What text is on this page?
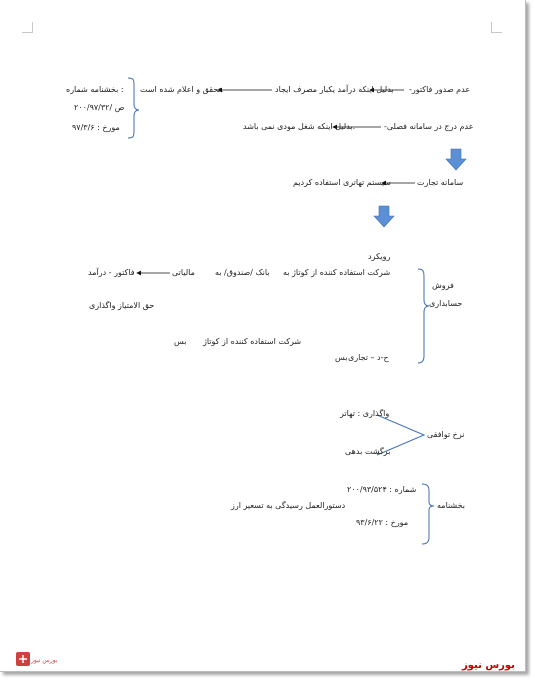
-عدم صدور فاکتور
بدلیل اینکه درآمد یکبار مصرف ایجاد
تحقق و اعلام شده است.
-عدم درج در سامانه فصلی
بدلیل اینکه شغل مودی نمی باشد.
بخشنامه شماره :
۲۰۰/۹۷/۳۲/ ص
مورخ : ۹۷/۳/۶
سامانه تجارت
سیستم تهاتری استفاده کردیم
رویکرد
شرکت استفاده کننده از کوتاژ به
بانک /صندوق/ به
مالیاتی
فاکتور - درآمد
فروش
حسابداری
حق الامتیاز واگذاری
شرکت استفاده کننده از کوتاژ
بس
ح-د – تجاری
بس
واگذاری : تهاتر
نرخ توافقی
برگشت بدهی
شماره : ۲۰۰/۹۳/۵۲۴
بخشنامه
دستورالعمل رسیدگی به تسعیر ارز
مورخ : ۹۳/۶/۲۲
بورس نیوز	بورس نیوز
